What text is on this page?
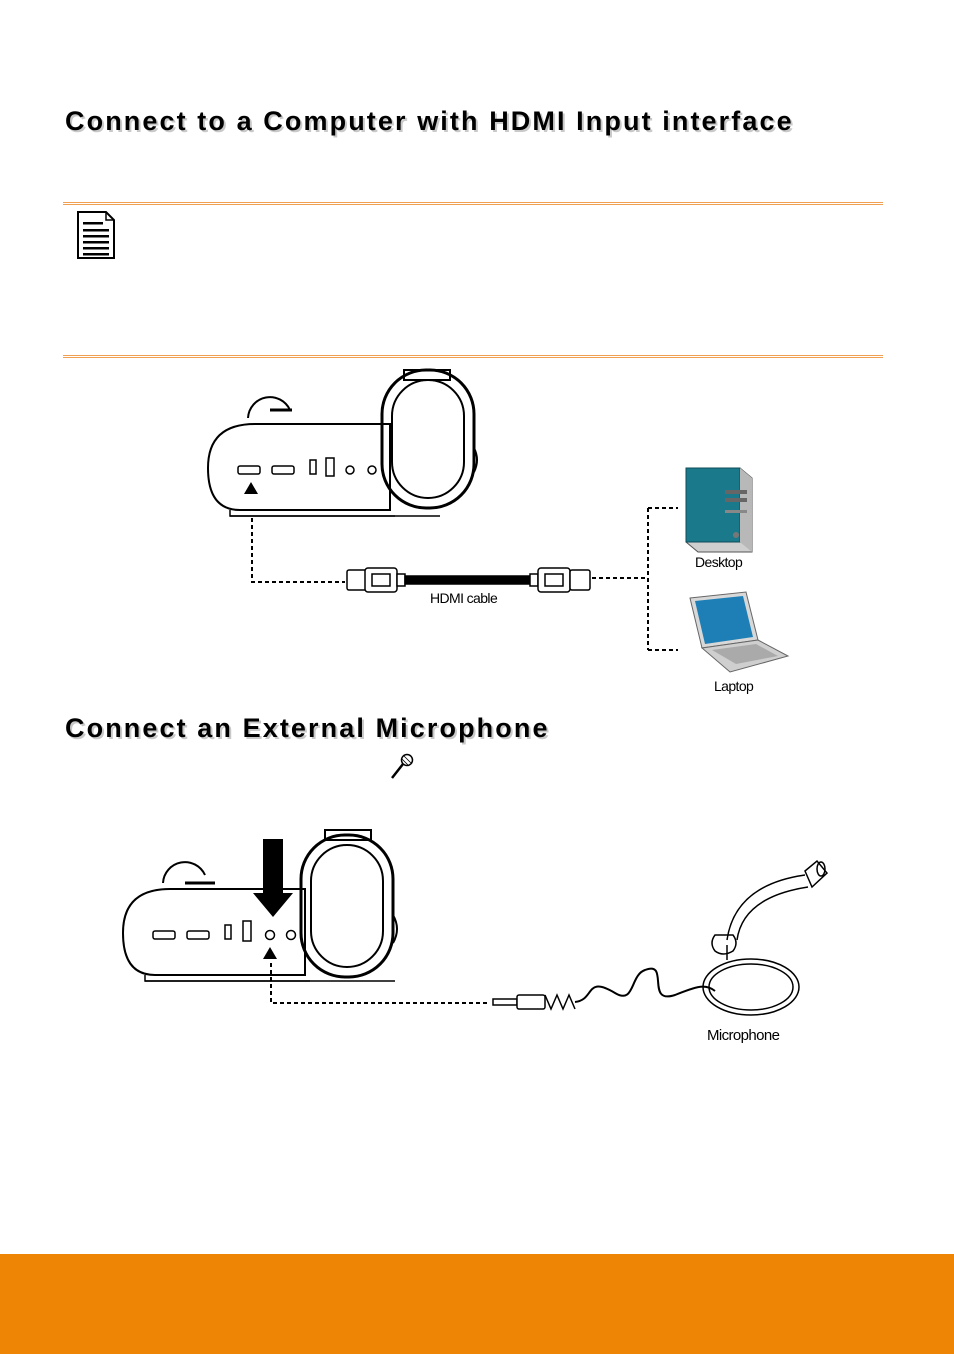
Connect to a Computer with HDMI Input interface
HDMI cable
Desktop
Laptop
Connect an External Microphone
Microphone
